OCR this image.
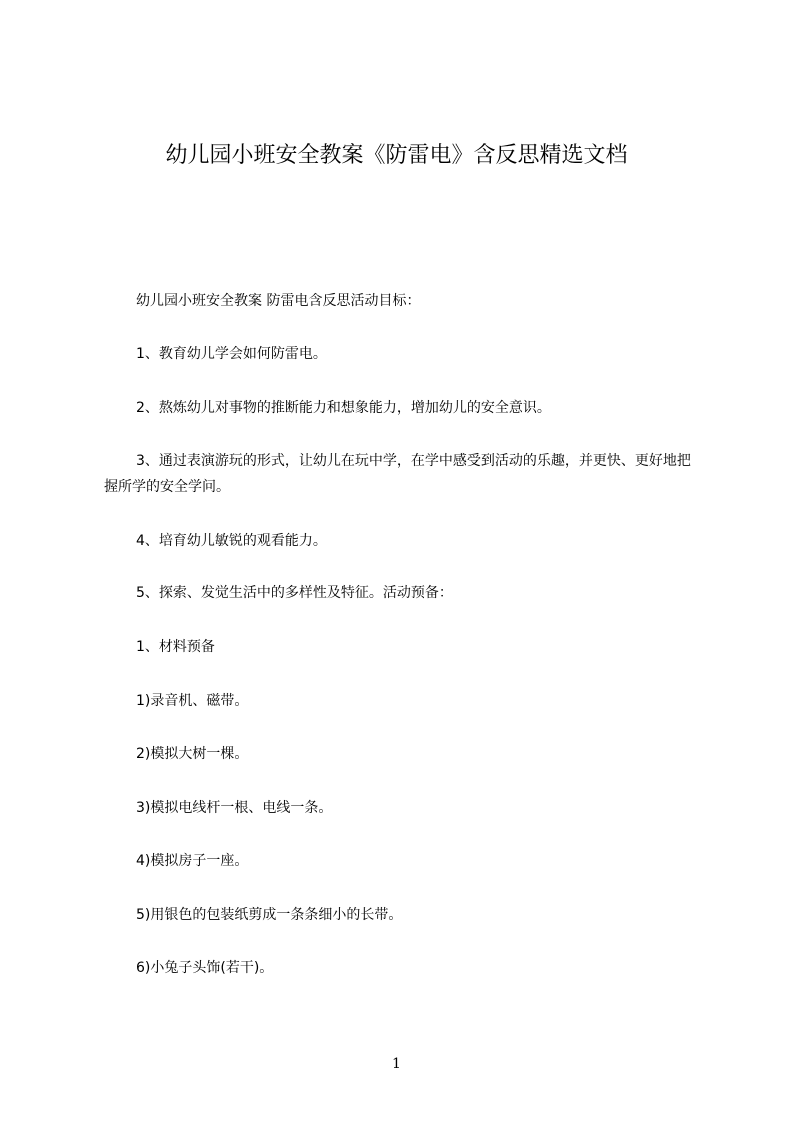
幼儿园小班安全教案《防雷电》含反思精选文档
幼儿园小班安全教案 防雷电含反思活动目标：
1、教育幼儿学会如何防雷电。
2、熬炼幼儿对事物的推断能力和想象能力，增加幼儿的安全意识。
3、通过表演游玩的形式，让幼儿在玩中学，在学中感受到活动的乐趣，并更快、更好地把握所学的安全学问。
4、培育幼儿敏锐的观看能力。
5、探索、发觉生活中的多样性及特征。活动预备：
1、材料预备
1)录音机、磁带。
2)模拟大树一棵。
3)模拟电线杆一根、电线一条。
4)模拟房子一座。
5)用银色的包装纸剪成一条条细小的长带。
6)小兔子头饰(若干)。
1
